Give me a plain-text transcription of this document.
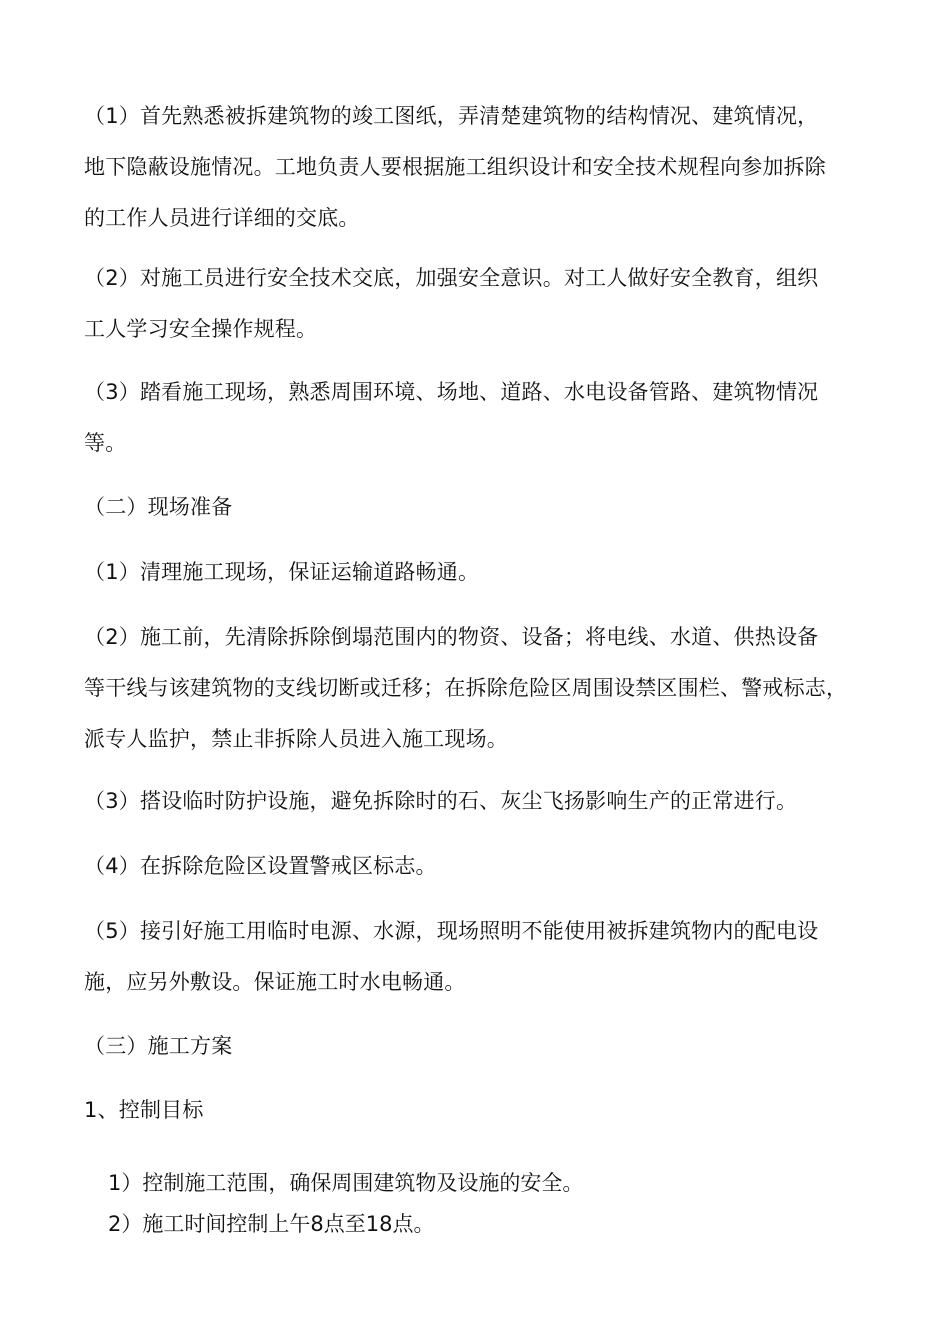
（1）首先熟悉被拆建筑物的竣工图纸，弄清楚建筑物的结构情况、建筑情况，
地下隐蔽设施情况。工地负责人要根据施工组织设计和安全技术规程向参加拆除
的工作人员进行详细的交底。
（2）对施工员进行安全技术交底，加强安全意识。对工人做好安全教育，组织
工人学习安全操作规程。
（3）踏看施工现场，熟悉周围环境、场地、道路、水电设备管路、建筑物情况
等。
（二）现场准备
（1）清理施工现场，保证运输道路畅通。
（2）施工前，先清除拆除倒塌范围内的物资、设备；将电线、水道、供热设备
等干线与该建筑物的支线切断或迁移；在拆除危险区周围设禁区围栏、警戒标志，
派专人监护，禁止非拆除人员进入施工现场。
（3）搭设临时防护设施，避免拆除时的石、灰尘飞扬影响生产的正常进行。
（4）在拆除危险区设置警戒区标志。
（5）接引好施工用临时电源、水源，现场照明不能使用被拆建筑物内的配电设
施，应另外敷设。保证施工时水电畅通。
（三）施工方案
1、控制目标
1）控制施工范围，确保周围建筑物及设施的安全。
2）施工时间控制上午8点至18点。
